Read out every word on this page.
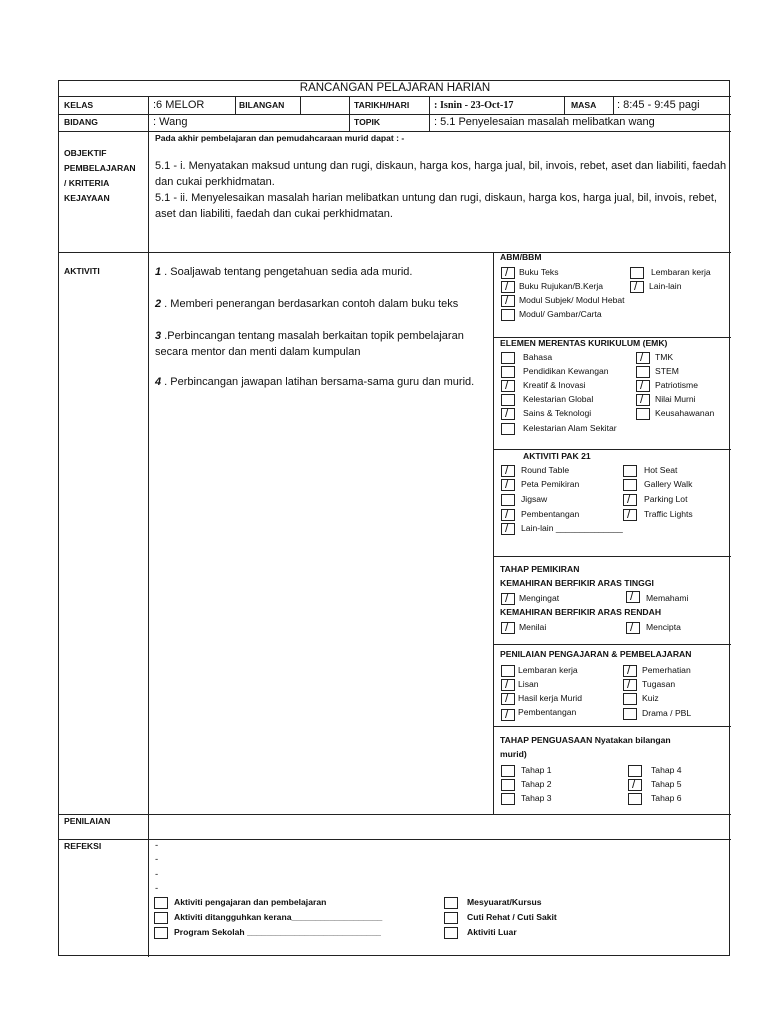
RANCANGAN PELAJARAN HARIAN
KELAS	:6 MELOR	BILANGAN	TARIKH/HARI : Isnin - 23-Oct-17	MASA : 8:45 - 9:45 pagi
BIDANG	: Wang	TOPIK	: 5.1 Penyelesaian masalah melibatkan wang
OBJEKTIF
PEMBELAJARAN
/ KRITERIA
KEJAYAAN
Pada akhir pembelajaran dan pemudahcaraan murid dapat : -
5.1 - i. Menyatakan maksud untung dan rugi, diskaun, harga kos, harga jual, bil, invois, rebet, aset dan liabiliti, faedah dan cukai perkhidmatan.
5.1 - ii. Menyelesaikan masalah harian melibatkan untung dan rugi, diskaun, harga kos, harga jual, bil, invois, rebet, aset dan liabiliti, faedah dan cukai perkhidmatan.
AKTIVITI	1 . Soaljawab tentang pengetahuan sedia ada murid.
2 . Memberi penerangan berdasarkan contoh dalam buku teks
3 .Perbincangan tentang masalah berkaitan topik pembelajaran secara mentor dan menti dalam kumpulan
4 . Perbincangan jawapan latihan bersama-sama guru dan murid.
ABM/BBM
/
Buku Teks	Lembaran kerja
/
Buku Rujukan/B.Kerja /	Lain-lain
/
Modul Subjek/ Modul Hebat
Modul/ Gambar/Carta
ELEMEN MERENTAS KURIKULUM (EMK)
Bahasa /	TMK
Pendidikan Kewangan	STEM
/
Kreatif & Inovasi /	Patriotisme
Kelestarian Global /	Nilai Murni
/
Sains & Teknologi	Keusahawanan
Kelestarian Alam Sekitar
AKTIVITI PAK 21
/
Round Table	Hot Seat
/
Peta Pemikiran	Gallery Walk
Jigsaw /	Parking Lot
/
Pembentangan /	Traffic Lights
/
Lain-lain ______________
TAHAP PEMIKIRAN
KEMAHIRAN BERFIKIR ARAS TINGGI
/
Mengingat /	Memahami
KEMAHIRAN BERFIKIR ARAS RENDAH
/
Menilai /	Mencipta
PENILAIAN PENGAJARAN & PEMBELAJARAN
Lembaran kerja /	Pemerhatian
/
Lisan /	Tugasan
/
Hasil kerja Murid	Kuiz
/
Pembentangan	Drama / PBL
TAHAP PENGUASAAN Nyatakan bilangan
murid)
Tahap 1	Tahap 4
Tahap 2 /	Tahap 5
Tahap 3	Tahap 6
PENILAIAN
REFEKSI	-
-
-
-
Aktiviti pengajaran dan pembelajaran	Mesyuarat/Kursus
Aktiviti ditangguhkan kerana___________________	Cuti Rehat / Cuti Sakit
Program Sekolah ____________________________	Aktiviti Luar
